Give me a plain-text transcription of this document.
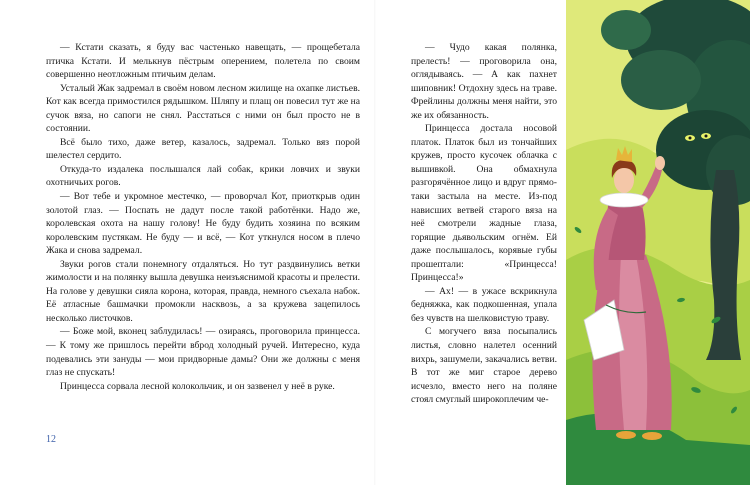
— Кстати сказать, я буду вас частенько навещать, — прощебетала птичка Кстати. И мелькнув пёстрым оперением, полетела по своим совершенно неотложным птичьим делам.

Усталый Жак задремал в своём новом лесном жилище на охапке листьев. Кот как всегда примостился рядышком. Шляпу и плащ он повесил тут же на сучок вяза, но сапоги не снял. Расстаться с ними он был просто не в состоянии.

Всё было тихо, даже ветер, казалось, задремал. Только вяз порой шелестел сердито.

Откуда-то издалека послышался лай собак, крики ловчих и звуки охотничьих рогов.

— Вот тебе и укромное местечко, — проворчал Кот, приоткрыв один золотой глаз. — Поспать не дадут после такой работёнки. Надо же, королевская охота на нашу голову! Не буду будить хозяина по всяким королевским пустякам. Не буду — и всё, — Кот уткнулся носом в плечо Жака и снова задремал.

Звуки рогов стали понемногу отдаляться. Но тут раздвинулись ветки жимолости и на полянку вышла девушка неизъяснимой красоты и прелести. На голове у девушки сияла корона, которая, правда, немного съехала набок. Её атласные башмачки промокли насквозь, а за кружева зацепилось несколько листочков.

— Боже мой, вконец заблудилась! — озираясь, проговорила принцесса. — К тому же пришлось перейти вброд холодный ручей. Интересно, куда подевались эти зануды — мои придворные дамы? Они же должны с меня глаз не спускать!

Принцесса сорвала лесной колокольчик, и он зазвенел у неё в руке.

12

— Чудо какая полянка, прелесть! — проговорила она, оглядываясь. — А как пахнет шиповник! Отдохну здесь на траве. Фрейлины должны меня найти, это же их обязанность.

Принцесса достала носовой платок. Платок был из тончайших кружев, просто кусочек облачка с вышивкой. Она обмахнула разгорячённое лицо и вдруг прямо-таки застыла на месте. Из-под нависших ветвей старого вяза на неё смотрели жадные глаза, горящие дьявольским огнём. Ей даже послышалось, корявые губы прошептали: «Принцесса! Принцесса!»

— Ах! — в ужасе вскрикнула бедняжка, как подкошенная, упала без чувств на шелковистую траву.

С могучего вяза посыпались листья, словно налетел осенний вихрь, зашумели, закачались ветви. В тот же миг старое дерево исчезло, вместо него на поляне стоял смуглый широкоплечим че-
